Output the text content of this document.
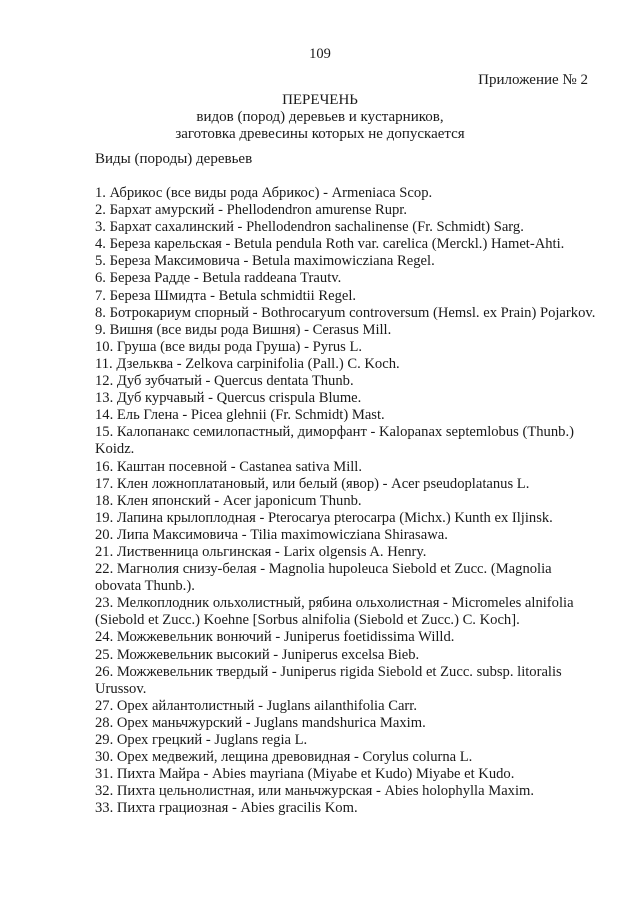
109
Приложение № 2
ПЕРЕЧЕНЬ
видов (пород) деревьев и кустарников,
заготовка древесины которых не допускается
Виды (породы) деревьев
1. Абрикос (все виды рода Абрикос) - Armeniaca Scop.
2. Бархат амурский - Phellodendron amurense Rupr.
3. Бархат сахалинский - Phellodendron sachalinense (Fr. Schmidt) Sarg.
4. Береза карельская - Betula pendula Roth var. carelica (Merckl.) Hamet-Ahti.
5. Береза Максимовича - Betula maximowicziana Regel.
6. Береза Радде - Betula raddeana Trautv.
7. Береза Шмидта - Betula schmidtii Regel.
8. Ботрокариум спорный - Bothrocaryum controversum (Hemsl. ex Prain) Pojarkov.
9. Вишня (все виды рода Вишня) - Cerasus Mill.
10. Груша (все виды рода Груша) - Pyrus L.
11. Дзельква - Zelkova carpinifolia (Pall.) C. Koch.
12. Дуб зубчатый - Quercus dentata Thunb.
13. Дуб курчавый - Quercus crispula Blume.
14. Ель Глена - Picea glehnii (Fr. Schmidt) Mast.
15. Калопанакс семилопастный, диморфант - Kalopanax septemlobus (Thunb.) Koidz.
16. Каштан посевной - Castanea sativa Mill.
17. Клен ложноплатановый, или белый (явор) - Acer pseudoplatanus L.
18. Клен японский - Acer japonicum Thunb.
19. Лапина крылоплодная - Pterocarya pterocarpa (Michx.) Kunth ex Iljinsk.
20. Липа Максимовича - Tilia maximowicziana Shirasawa.
21. Лиственница ольгинская - Larix olgensis A. Henry.
22. Магнолия снизу-белая - Magnolia hupoleuca Siebold et Zucc. (Magnolia obovata Thunb.).
23. Мелкоплодник ольхолистный, рябина ольхолистная - Micromeles alnifolia (Siebold et Zucc.) Koehne [Sorbus alnifolia (Siebold et Zucc.) C. Koch].
24. Можжевельник вонючий - Juniperus foetidissima Willd.
25. Можжевельник высокий - Juniperus excelsa Bieb.
26. Можжевельник твердый - Juniperus rigida Siebold et Zucc. subsp. litoralis Urussov.
27. Орех айлантолистный - Juglans ailanthifolia Carr.
28. Орех маньчжурский - Juglans mandshurica Maxim.
29. Орех грецкий - Juglans regia L.
30. Орех медвежий, лещина древовидная - Corylus colurna L.
31. Пихта Майра - Abies mayriana (Miyabe et Kudo) Miyabe et Kudo.
32. Пихта цельнолистная, или маньчжурская - Abies holophylla Maxim.
33. Пихта грациозная - Abies gracilis Kom.
